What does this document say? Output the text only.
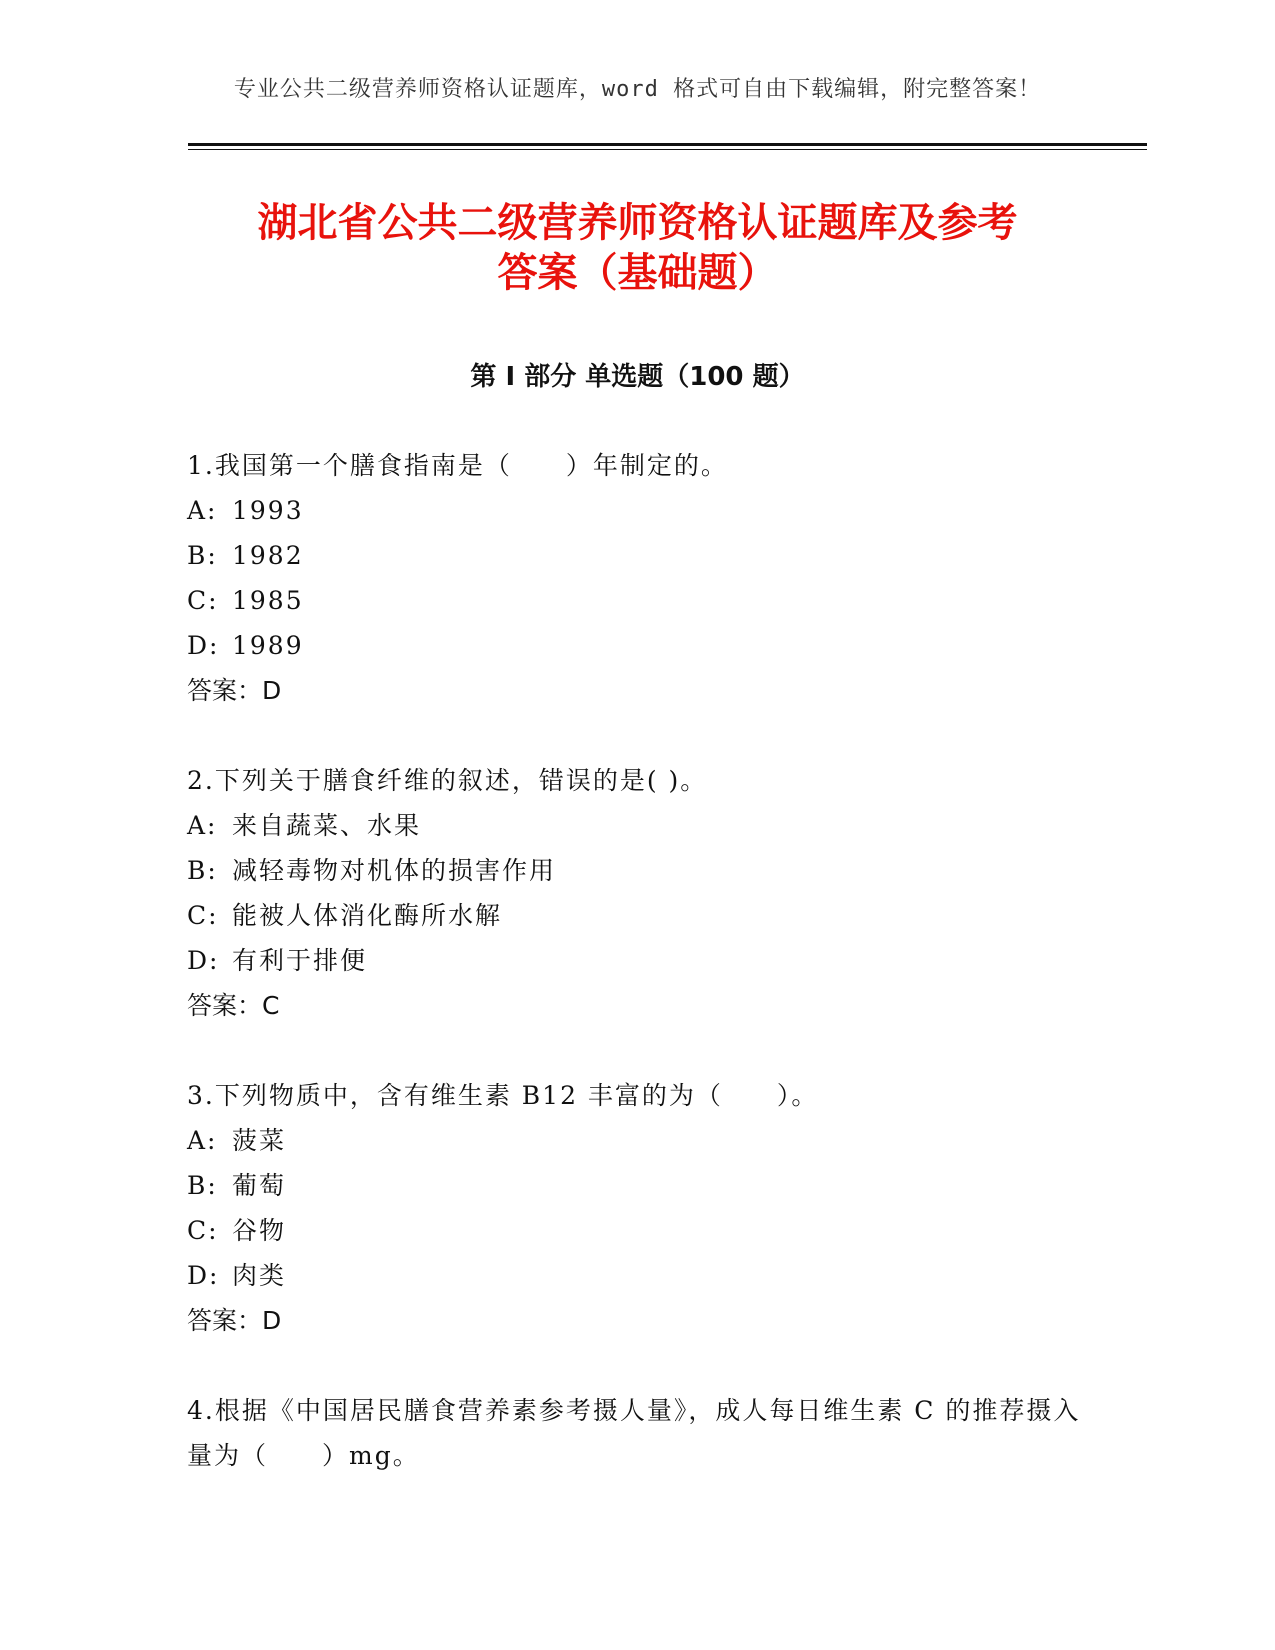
专业公共二级营养师资格认证题库，word 格式可自由下载编辑，附完整答案！
湖北省公共二级营养师资格认证题库及参考
答案（基础题）
第 I 部分 单选题（100 题）
1.我国第一个膳食指南是（　　）年制定的。
A: 1993
B: 1982
C: 1985
D: 1989
答案：D
2.下列关于膳食纤维的叙述，错误的是( )。
A: 来自蔬菜、水果
B: 减轻毒物对机体的损害作用
C: 能被人体消化酶所水解
D: 有利于排便
答案：C
3.下列物质中，含有维生素 B12 丰富的为（　　）。
A: 菠菜
B: 葡萄
C: 谷物
D: 肉类
答案：D
4.根据《中国居民膳食营养素参考摄人量》，成人每日维生素 C 的推荐摄入量为（　　）mg。
